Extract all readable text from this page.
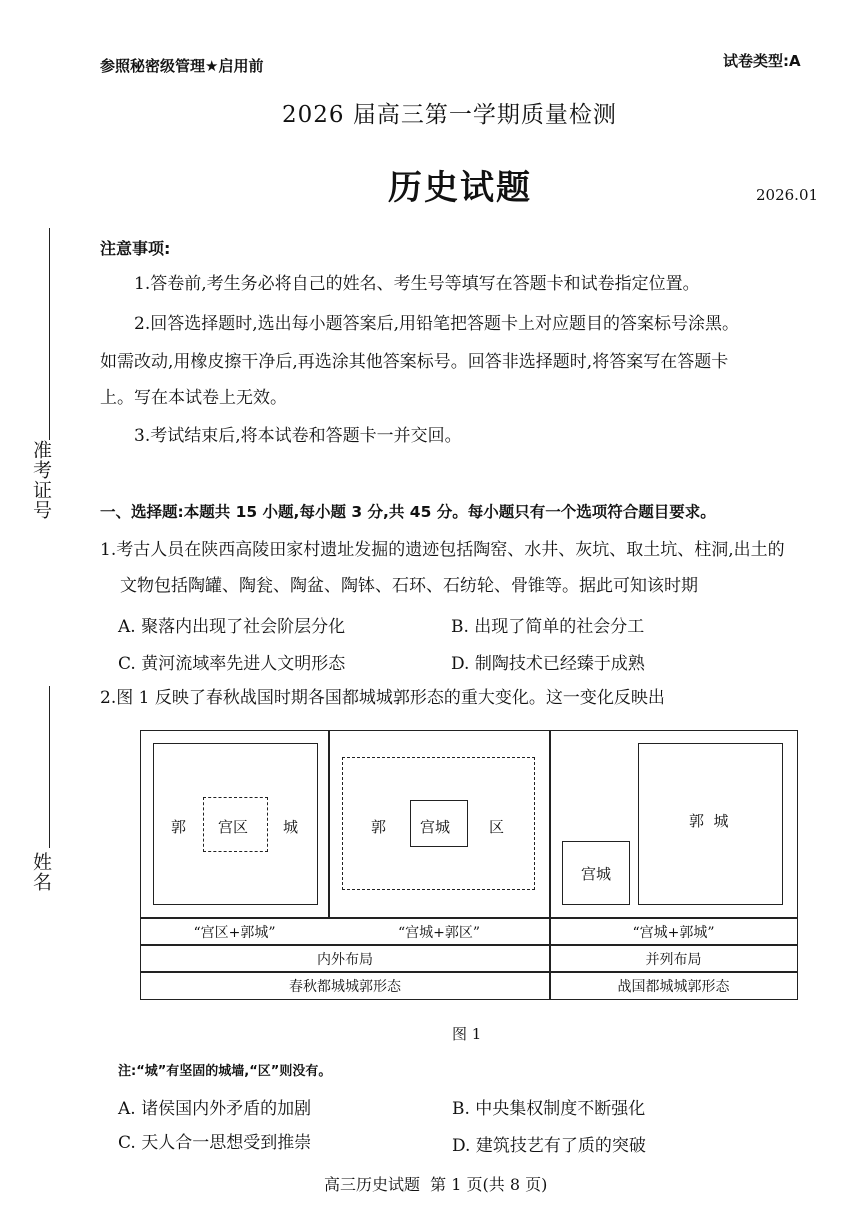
参照秘密级管理★启用前	试卷类型:A
2026 届高三第一学期质量检测
历史试题	2026.01
准考证号
姓名
注意事项:
1.答卷前,考生务必将自己的姓名、考生号等填写在答题卡和试卷指定位置。
2.回答选择题时,选出每小题答案后,用铅笔把答题卡上对应题目的答案标号涂黑。
如需改动,用橡皮擦干净后,再选涂其他答案标号。回答非选择题时,将答案写在答题卡
上。写在本试卷上无效。
3.考试结束后,将本试卷和答题卡一并交回。
一、选择题:本题共 15 小题,每小题 3 分,共 45 分。每小题只有一个选项符合题目要求。
1.考古人员在陕西高陵田家村遗址发掘的遗迹包括陶窑、水井、灰坑、取土坑、柱洞,出土的
文物包括陶罐、陶瓮、陶盆、陶钵、石环、石纺轮、骨锥等。据此可知该时期
A. 聚落内出现了社会阶层分化	B. 出现了简单的社会分工
C. 黄河流域率先进人文明形态	D. 制陶技术已经臻于成熟
2.图 1 反映了春秋战国时期各国都城城郭形态的重大变化。这一变化反映出
郭 宫区 城	郭 宫城	区	郭  城
宫城
“宫区+郭城”	“宫城+郭区”	“宫城+郭城”
内外布局	并列布局
春秋都城城郭形态	战国都城城郭形态
图 1
注:“城”有坚固的城墙,“区”则没有。
A. 诸侯国内外矛盾的加剧	B. 中央集权制度不断强化
C. 天人合一思想受到推崇	D. 建筑技艺有了质的突破
高三历史试题  第 1 页(共 8 页)
